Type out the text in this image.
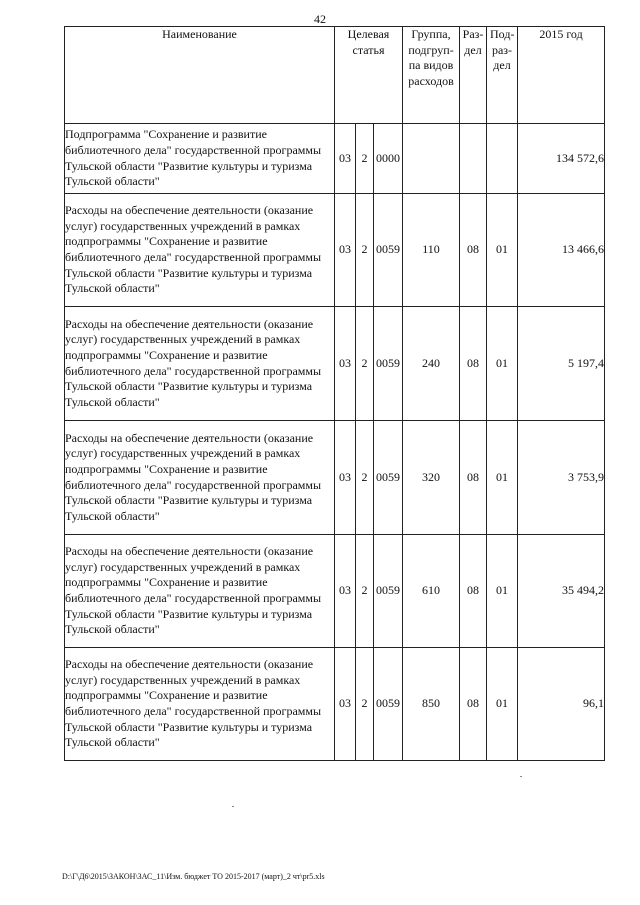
42
Наименование	Целевая статья			Группа, подгруп-па видов расходов	Раз-дел	Под-раз-дел	2015 год
Подпрограмма "Сохранение и развитие библиотечного дела" государственной программы Тульской области "Развитие культуры и туризма Тульской области"	03	2	0000				134 572,6
Расходы на обеспечение деятельности (оказание услуг) государственных учреждений в рамках подпрограммы "Сохранение и развитие библиотечного дела" государственной программы Тульской области "Развитие культуры и туризма Тульской области"	03	2	0059	110	08	01	13 466,6
Расходы на обеспечение деятельности (оказание услуг) государственных учреждений в рамках подпрограммы "Сохранение и развитие библиотечного дела" государственной программы Тульской области "Развитие культуры и туризма Тульской области"	03	2	0059	240	08	01	5 197,4
Расходы на обеспечение деятельности (оказание услуг) государственных учреждений в рамках подпрограммы "Сохранение и развитие библиотечного дела" государственной программы Тульской области "Развитие культуры и туризма Тульской области"	03	2	0059	320	08	01	3 753,9
Расходы на обеспечение деятельности (оказание услуг) государственных учреждений в рамках подпрограммы "Сохранение и развитие библиотечного дела" государственной программы Тульской области "Развитие культуры и туризма Тульской области"	03	2	0059	610	08	01	35 494,2
Расходы на обеспечение деятельности (оказание услуг) государственных учреждений в рамках подпрограммы "Сохранение и развитие библиотечного дела" государственной программы Тульской области "Развитие культуры и туризма Тульской области"	03	2	0059	850	08	01	96,1
D:\Г\Д6\2015\ЗАКОН\ЗАС_11\Изм. бюджет ТО 2015-2017 (март)_2 чт\pr5.xls
